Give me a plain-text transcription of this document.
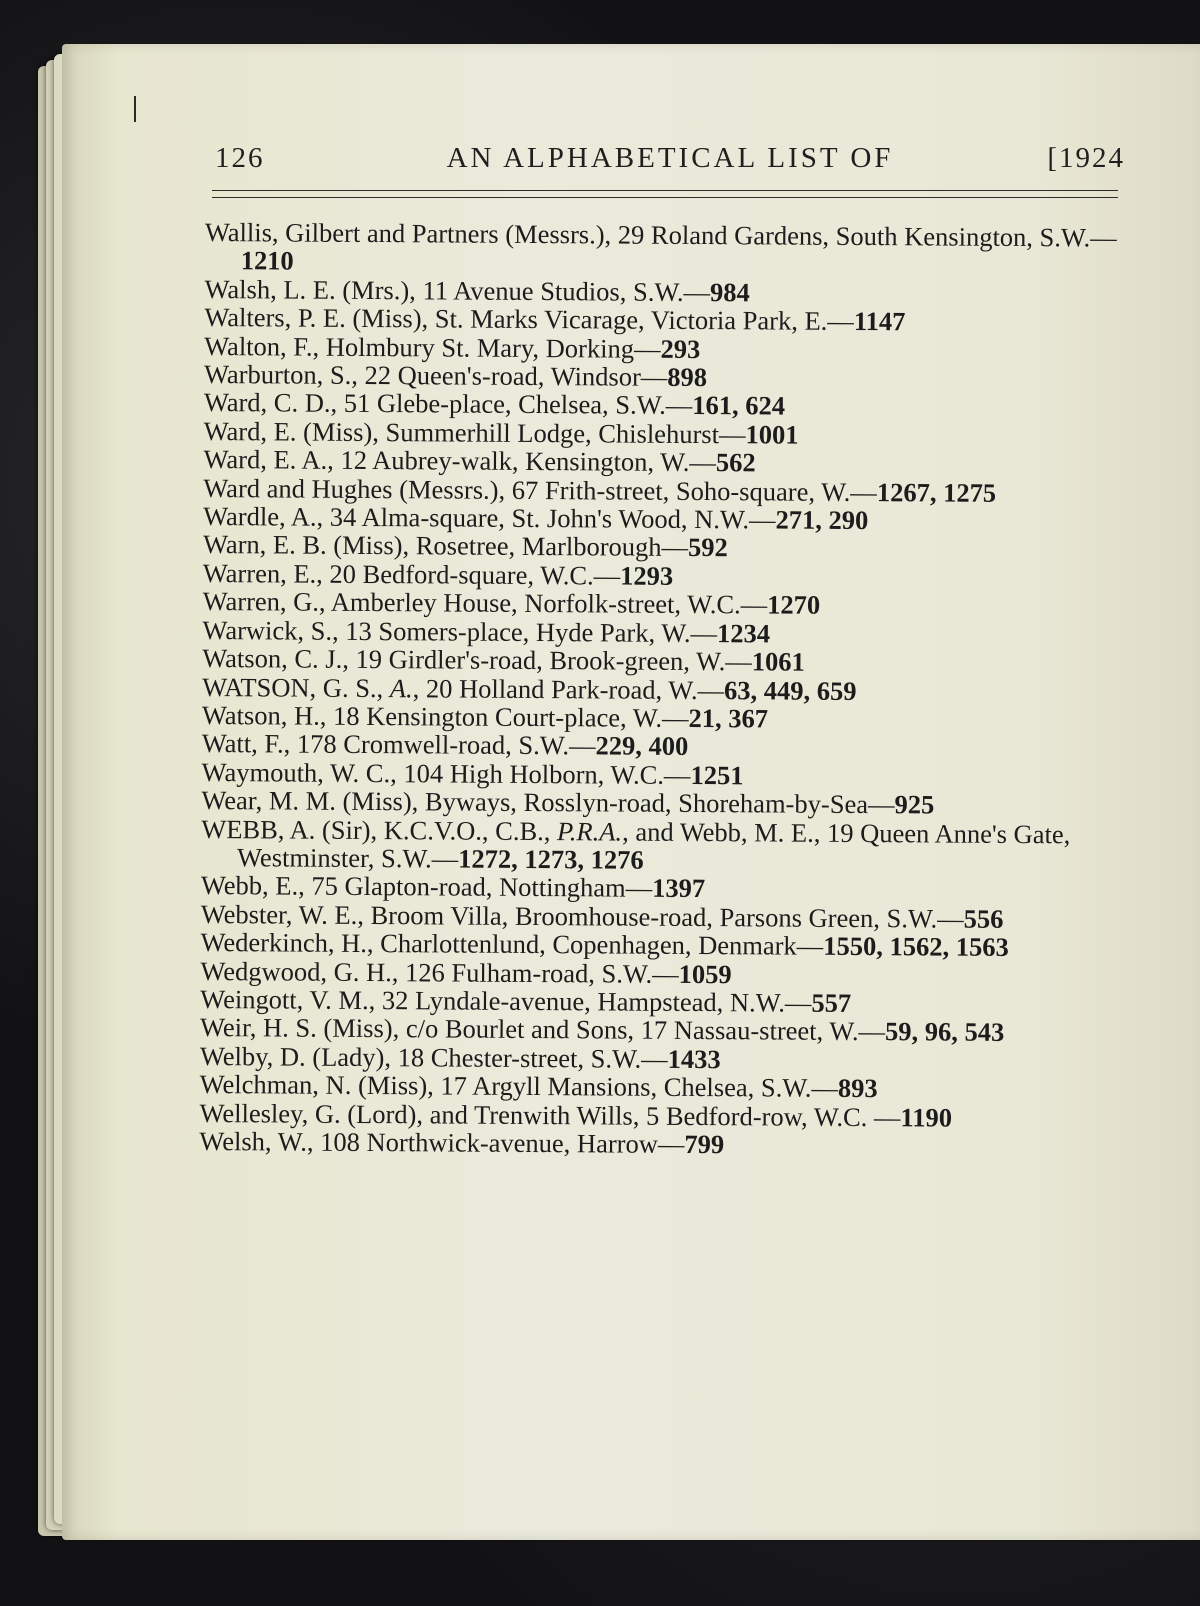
126	AN ALPHABETICAL LIST OF	[1924

Wallis, Gilbert and Partners (Messrs.), 29 Roland Gardens, South Kensington, S.W.—1210

Walsh, L. E. (Mrs.), 11 Avenue Studios, S.W.—984

Walters, P. E. (Miss), St. Marks Vicarage, Victoria Park, E.—1147

Walton, F., Holmbury St. Mary, Dorking—293

Warburton, S., 22 Queen's-road, Windsor—898

Ward, C. D., 51 Glebe-place, Chelsea, S.W.—161, 624

Ward, E. (Miss), Summerhill Lodge, Chislehurst—1001

Ward, E. A., 12 Aubrey-walk, Kensington, W.—562

Ward and Hughes (Messrs.), 67 Frith-street, Soho-square, W.—1267, 1275

Wardle, A., 34 Alma-square, St. John's Wood, N.W.—271, 290

Warn, E. B. (Miss), Rosetree, Marlborough—592

Warren, E., 20 Bedford-square, W.C.—1293

Warren, G., Amberley House, Norfolk-street, W.C.—1270

Warwick, S., 13 Somers-place, Hyde Park, W.—1234

Watson, C. J., 19 Girdler's-road, Brook-green, W.—1061

WATSON, G. S., A., 20 Holland Park-road, W.—63, 449, 659

Watson, H., 18 Kensington Court-place, W.—21, 367

Watt, F., 178 Cromwell-road, S.W.—229, 400

Waymouth, W. C., 104 High Holborn, W.C.—1251

Wear, M. M. (Miss), Byways, Rosslyn-road, Shoreham-by-Sea—925

WEBB, A. (Sir), K.C.V.O., C.B., P.R.A., and Webb, M. E., 19 Queen Anne's Gate, Westminster, S.W.—1272, 1273, 1276

Webb, E., 75 Glapton-road, Nottingham—1397

Webster, W. E., Broom Villa, Broomhouse-road, Parsons Green, S.W.—556

Wederkinch, H., Charlottenlund, Copenhagen, Denmark—1550, 1562, 1563

Wedgwood, G. H., 126 Fulham-road, S.W.—1059

Weingott, V. M., 32 Lyndale-avenue, Hampstead, N.W.—557

Weir, H. S. (Miss), c/o Bourlet and Sons, 17 Nassau-street, W.—59, 96, 543

Welby, D. (Lady), 18 Chester-street, S.W.—1433

Welchman, N. (Miss), 17 Argyll Mansions, Chelsea, S.W.—893

Wellesley, G. (Lord), and Trenwith Wills, 5 Bedford-row, W.C. —1190

Welsh, W., 108 Northwick-avenue, Harrow—799
